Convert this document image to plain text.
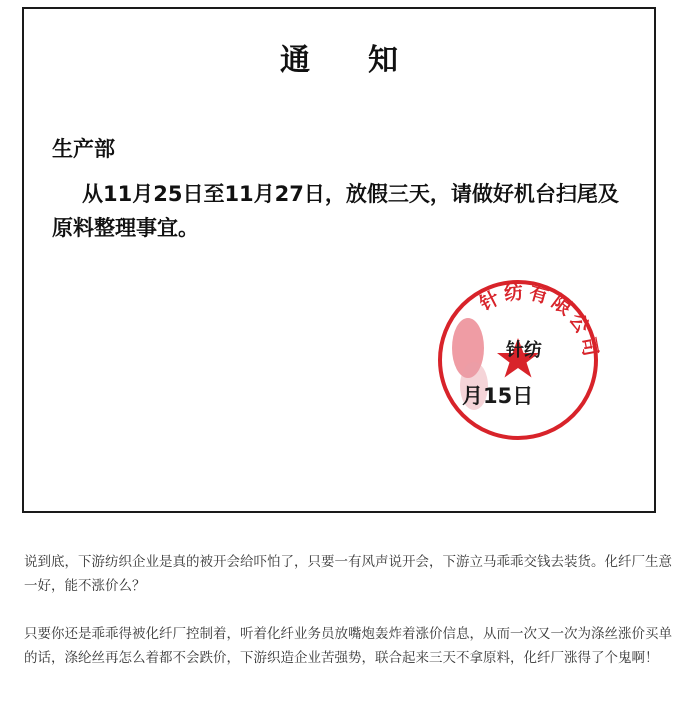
通 知
生产部
从11月25日至11月27日，放假三天，请做好机台扫尾及
原料整理事宜。
针纺有限公司
针纺
月15日

说到底，下游纺织企业是真的被开会给吓怕了，只要一有风声说开会，下游立马乖乖交钱去装货。化纤厂生意一好，能不涨价么？

只要你还是乖乖得被化纤厂控制着，听着化纤业务员放嘴炮轰炸着涨价信息，从而一次又一次为涤丝涨价买单的话，涤纶丝再怎么着都不会跌价，下游织造企业苦强势，联合起来三天不拿原料，化纤厂涨得了个鬼啊！
